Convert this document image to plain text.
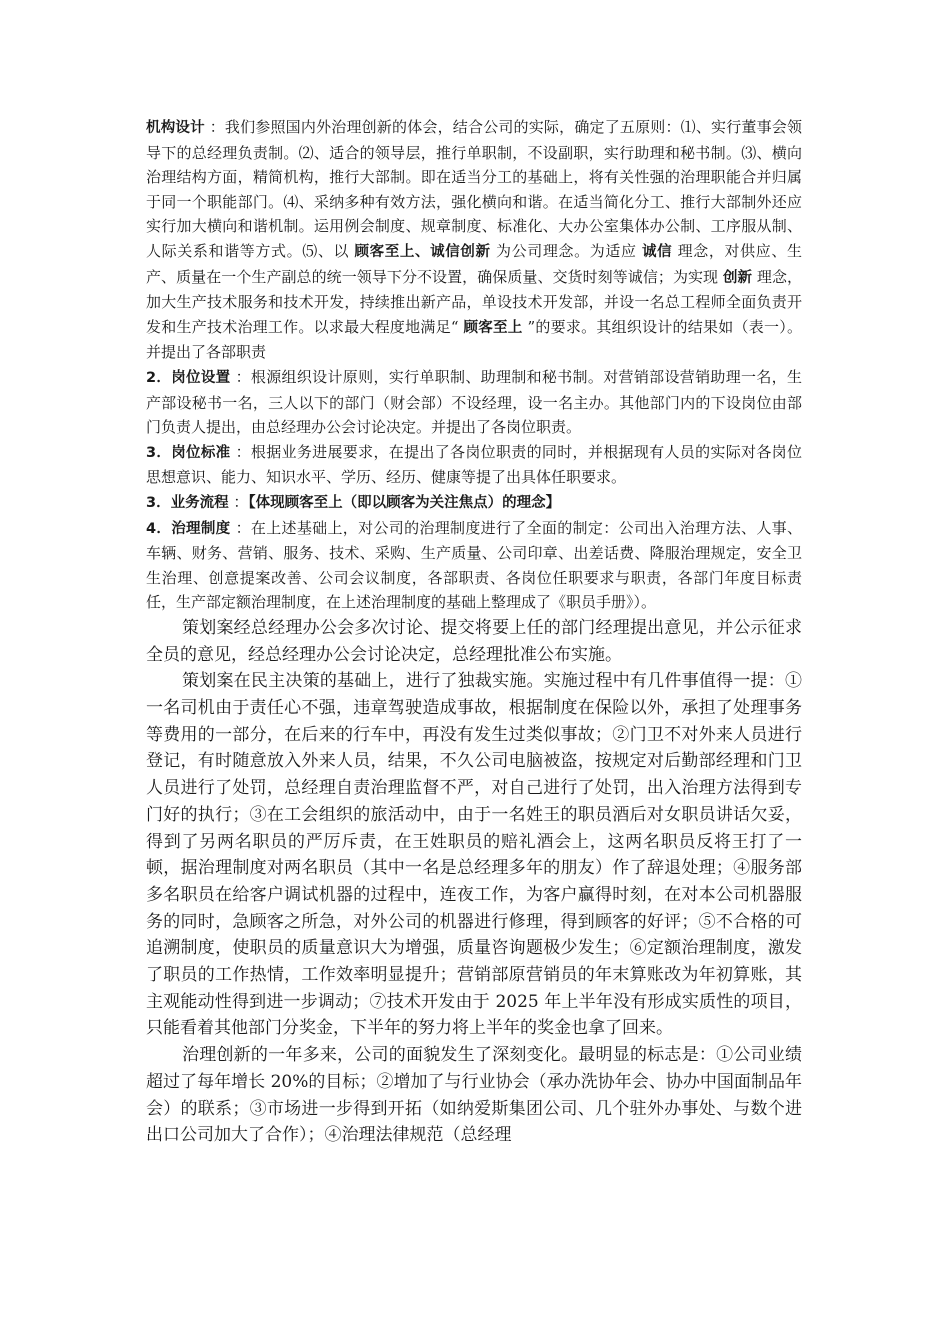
机构设计 ：我们参照国内外治理创新的体会，结合公司的实际，确定了五原则：⑴、实行董事会领导下的总经理负责制。⑵、适合的领导层，推行单职制，不设副职，实行助理和秘书制。⑶、横向治理结构方面，精简机构，推行大部制。即在适当分工的基础上，将有关性强的治理职能合并归属于同一个职能部门。⑷、采纳多种有效方法，强化横向和谐。在适当简化分工、推行大部制外还应实行加大横向和谐机制。运用例会制度、规章制度、标准化、大办公室集体办公制、工序服从制、人际关系和谐等方式。⑸、以 顾客至上、诚信创新 为公司理念。为适应 诚信 理念，对供应、生产、质量在一个生产副总的统一领导下分不设置，确保质量、交货时刻等诚信；为实现 创新 理念，加大生产技术服务和技术开发，持续推出新产品，单设技术开发部，并设一名总工程师全面负责开发和生产技术治理工作。以求最大程度地满足“ 顾客至上 ”的要求。其组织设计的结果如（表一）。并提出了各部职责

2．岗位设置 ：根源组织设计原则，实行单职制、助理制和秘书制。对营销部设营销助理一名，生产部设秘书一名，三人以下的部门（财会部）不设经理，设一名主办。其他部门内的下设岗位由部门负责人提出，由总经理办公会讨论决定。并提出了各岗位职责。

3．岗位标准 ：根据业务进展要求，在提出了各岗位职责的同时，并根据现有人员的实际对各岗位思想意识、能力、知识水平、学历、经历、健康等提了出具体任职要求。

3．业务流程 ：【体现顾客至上（即以顾客为关注焦点）的理念】

4．治理制度 ：在上述基础上，对公司的治理制度进行了全面的制定：公司出入治理方法、人事、车辆、财务、营销、服务、技术、采购、生产质量、公司印章、出差话费、降服治理规定，安全卫生治理、创意提案改善、公司会议制度，各部职责、各岗位任职要求与职责，各部门年度目标责任，生产部定额治理制度，在上述治理制度的基础上整理成了《职员手册》）。

策划案经总经理办公会多次讨论、提交将要上任的部门经理提出意见，并公示征求全员的意见，经总经理办公会讨论决定，总经理批准公布实施。

策划案在民主决策的基础上，进行了独裁实施。实施过程中有几件事值得一提：①一名司机由于责任心不强，违章驾驶造成事故，根据制度在保险以外，承担了处理事务等费用的一部分，在后来的行车中，再没有发生过类似事故；②门卫不对外来人员进行登记，有时随意放入外来人员，结果，不久公司电脑被盗，按规定对后勤部经理和门卫人员进行了处罚，总经理自责治理监督不严，对自己进行了处罚，出入治理方法得到专门好的执行；③在工会组织的旅活动中，由于一名姓王的职员酒后对女职员讲话欠妥，得到了另两名职员的严厉斥责，在王姓职员的赔礼酒会上，这两名职员反将王打了一顿，据治理制度对两名职员（其中一名是总经理多年的朋友）作了辞退处理；④服务部多名职员在给客户调试机器的过程中，连夜工作，为客户赢得时刻，在对本公司机器服务的同时，急顾客之所急，对外公司的机器进行修理，得到顾客的好评；⑤不合格的可追溯制度，使职员的质量意识大为增强，质量咨询题极少发生；⑥定额治理制度，激发了职员的工作热情，工作效率明显提升；营销部原营销员的年末算账改为年初算账，其主观能动性得到进一步调动；⑦技术开发由于 2025 年上半年没有形成实质性的项目，只能看着其他部门分奖金，下半年的努力将上半年的奖金也拿了回来。

治理创新的一年多来，公司的面貌发生了深刻变化。最明显的标志是：①公司业绩超过了每年增长 20%的目标；②增加了与行业协会（承办洗协年会、协办中国面制品年会）的联系；③市场进一步得到开拓（如纳爱斯集团公司、几个驻外办事处、与数个进出口公司加大了合作）；④治理法律规范（总经理
